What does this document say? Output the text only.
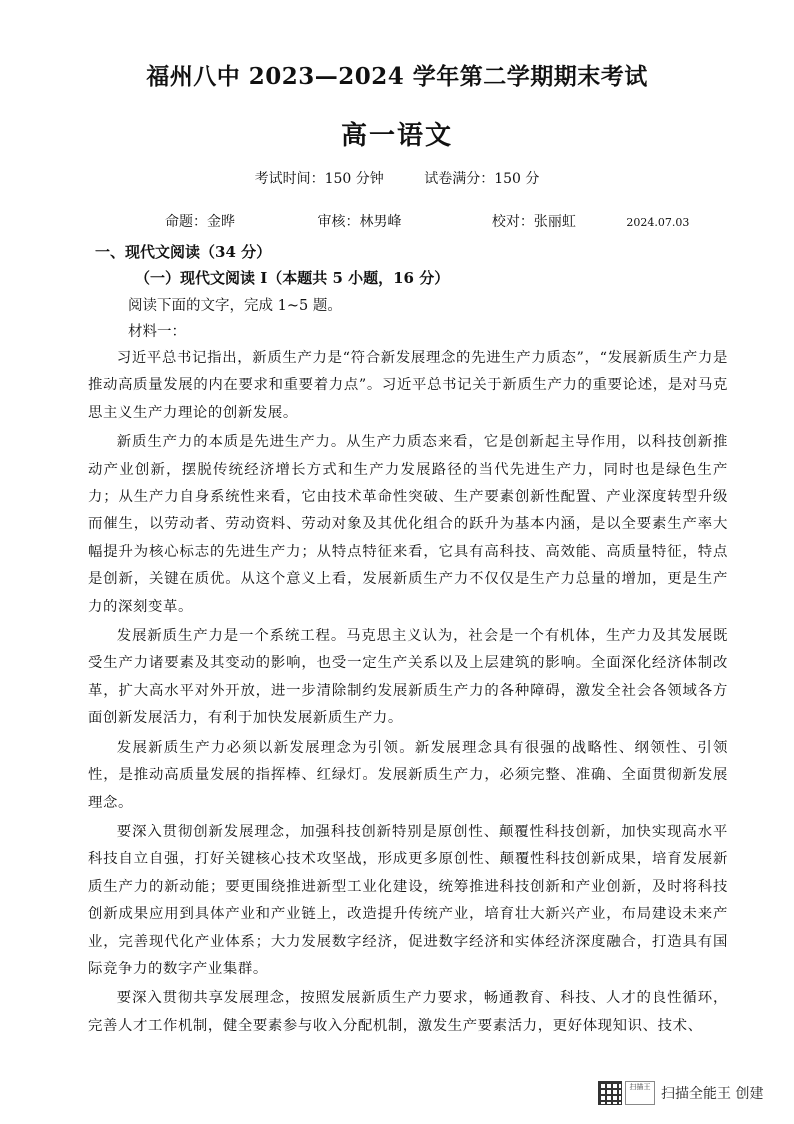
福州八中 2023—2024 学年第二学期期末考试
高一语文
考试时间：150 分钟	试卷满分：150 分
命题：金晔	审核：林男峰	校对：张丽虹	2024.07.03
一、现代文阅读（34 分）
（一）现代文阅读 I（本题共 5 小题，16 分）
阅读下面的文字，完成 1~5 题。
材料一：

习近平总书记指出，新质生产力是“符合新发展理念的先进生产力质态”，“发展新质生产力是推动高质量发展的内在要求和重要着力点”。习近平总书记关于新质生产力的重要论述，是对马克思主义生产力理论的创新发展。

新质生产力的本质是先进生产力。从生产力质态来看，它是创新起主导作用，以科技创新推动产业创新，摆脱传统经济增长方式和生产力发展路径的当代先进生产力，同时也是绿色生产力；从生产力自身系统性来看，它由技术革命性突破、生产要素创新性配置、产业深度转型升级而催生，以劳动者、劳动资料、劳动对象及其优化组合的跃升为基本内涵，是以全要素生产率大幅提升为核心标志的先进生产力；从特点特征来看，它具有高科技、高效能、高质量特征，特点是创新，关键在质优。从这个意义上看，发展新质生产力不仅仅是生产力总量的增加，更是生产力的深刻变革。

发展新质生产力是一个系统工程。马克思主义认为，社会是一个有机体，生产力及其发展既受生产力诸要素及其变动的影响，也受一定生产关系以及上层建筑的影响。全面深化经济体制改革，扩大高水平对外开放，进一步清除制约发展新质生产力的各种障碍，激发全社会各领域各方面创新发展活力，有利于加快发展新质生产力。

发展新质生产力必须以新发展理念为引领。新发展理念具有很强的战略性、纲领性、引领性，是推动高质量发展的指挥棒、红绿灯。发展新质生产力，必须完整、准确、全面贯彻新发展理念。

要深入贯彻创新发展理念，加强科技创新特别是原创性、颠覆性科技创新，加快实现高水平科技自立自强，打好关键核心技术攻坚战，形成更多原创性、颠覆性科技创新成果，培育发展新质生产力的新动能；要更围绕推进新型工业化建设，统筹推进科技创新和产业创新，及时将科技创新成果应用到具体产业和产业链上，改造提升传统产业，培育壮大新兴产业，布局建设未来产业，完善现代化产业体系；大力发展数字经济，促进数字经济和实体经济深度融合，打造具有国际竞争力的数字产业集群。

要深入贯彻共享发展理念，按照发展新质生产力要求，畅通教育、科技、人才的良性循环，完善人才工作机制，健全要素参与收入分配机制，激发生产要素活力，更好体现知识、技术、

扫描王 扫描全能王 创建
